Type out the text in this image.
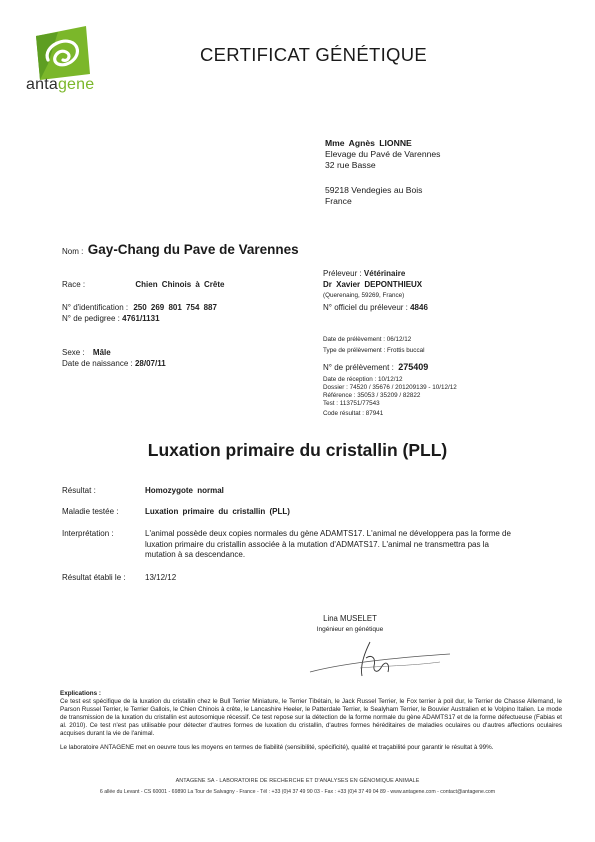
antagene
CERTIFICAT GÉNÉTIQUE
Mme Agnès LIONNE
Elevage du Pavé de Varennes
32 rue Basse
59218 Vendegies au Bois
France
Nom : Gay-Chang du Pave de Varennes
Race :	Chien Chinois à Crête
N° d'identification : 250 269 801 754 887
N° de pedigree : 4761/1131
Sexe : Mâle
Date de naissance : 28/07/11
Préleveur : Vétérinaire
Dr Xavier DEPONTHIEUX
(Querenaing, 59269, France)
N° officiel du préleveur : 4846
Date de prélèvement : 06/12/12
Type de prélèvement : Frottis buccal
N° de prélèvement : 275409
Date de réception : 10/12/12
Dossier : 74520 / 35676 / 201209139 - 10/12/12
Référence : 35053 / 35209 / 82822
Test : 113751/77543
Code résultat : 87941
Luxation primaire du cristallin (PLL)
Résultat :	Homozygote normal
Maladie testée :	Luxation primaire du cristallin (PLL)
Interprétation :	L'animal possède deux copies normales du gène ADAMTS17. L'animal ne développera pas la forme de luxation primaire du cristallin associée à la mutation d'ADMATS17. L'animal ne transmettra pas la mutation à sa descendance.
Résultat établi le : 13/12/12
Lina MUSELET
Ingénieur en génétique
Explications :
Ce test est spécifique de la luxation du cristallin chez le Bull Terrier Miniature, le Terrier Tibétain, le Jack Russel Terrier, le Fox terrier à poil dur, le Terrier de Chasse Allemand, le Parson Russel Terrier, le Terrier Gallois, le Chien Chinois à crête, le Lancashire Heeler, le Patterdale Terrier, le Sealyham Terrier, le Bouvier Australien et le Volpino Italien. Le mode de transmission de la luxation du cristallin est autosomique récessif. Ce test repose sur la détection de la forme normale du gène ADAMTS17 et de la forme défectueuse (Fabias et al. 2010). Ce test n'est pas utilisable pour détecter d'autres formes de luxation du cristallin, d'autres formes héréditaires de maladies oculaires ou d'autres affections oculaires acquises durant la vie de l'animal.
Le laboratoire ANTAGENE met en oeuvre tous les moyens en termes de fiabilité (sensibilité, spécificité), qualité et traçabilité pour garantir le résultat à 99%.
ANTAGENE SA - LABORATOIRE DE RECHERCHE ET D'ANALYSES EN GÉNOMIQUE ANIMALE
6 allée du Levant - CS 60001 - 69890 La Tour de Salvagny - France - Tél : +33 (0)4 37 49 90 03 - Fax : +33 (0)4 37 49 04 89 - www.antagene.com - contact@antagene.com
